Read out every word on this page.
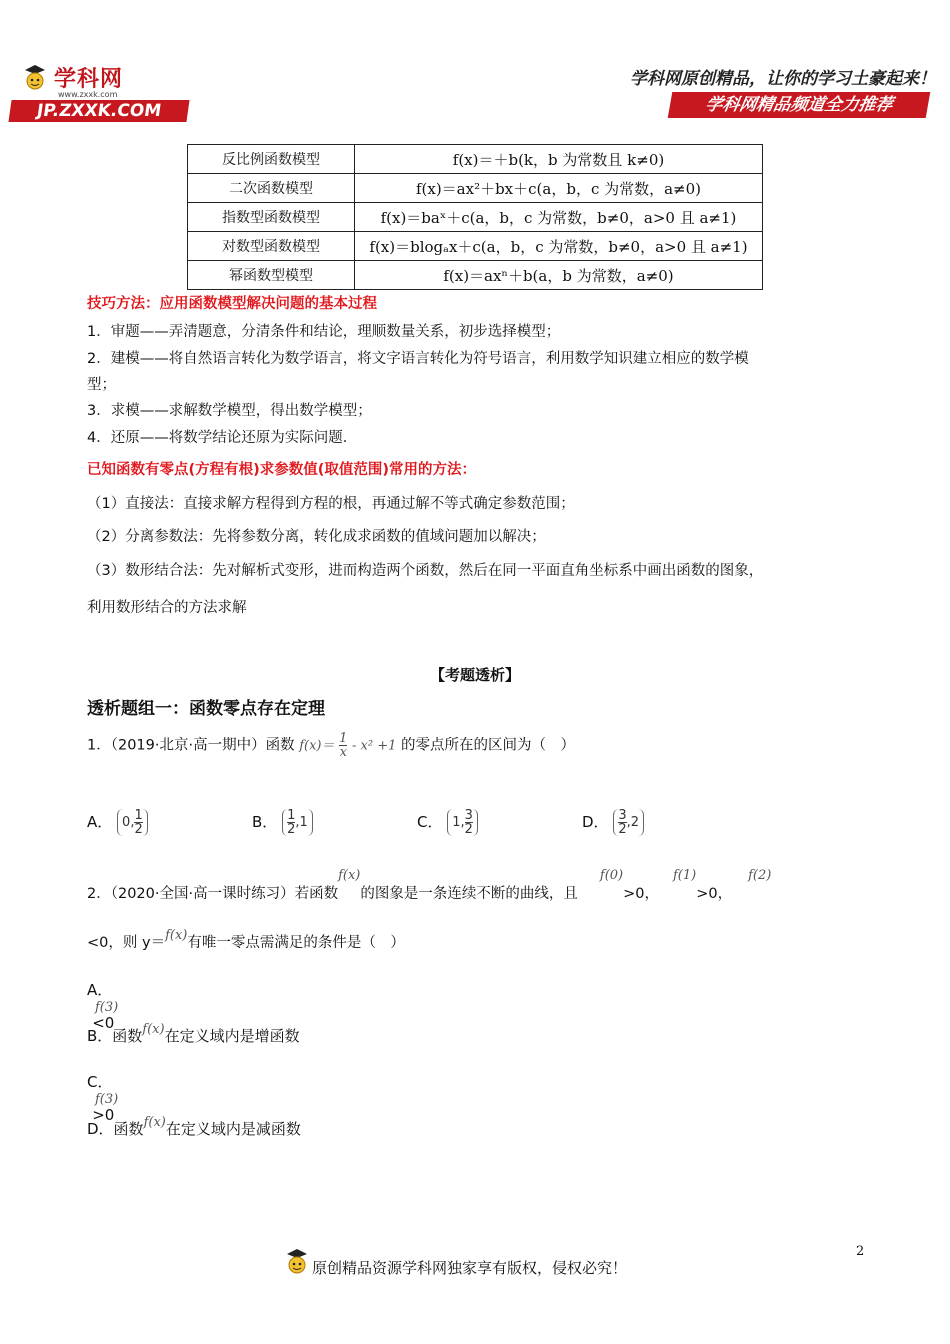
学科网
www.zxxk.com
JP.ZXXK.COM
学科网原创精品，让你的学习土豪起来！
学科网精品频道全力推荐
反比例函数模型	f(x)＝＋b(k，b 为常数且 k≠0)
二次函数模型	f(x)＝ax²＋bx＋c(a，b，c 为常数，a≠0)
指数型函数模型	f(x)＝baˣ＋c(a，b，c 为常数，b≠0，a>0 且 a≠1)
对数型函数模型	f(x)＝blogₐx＋c(a，b，c 为常数，b≠0，a>0 且 a≠1)
幂函数型模型	f(x)＝axⁿ＋b(a，b 为常数，a≠0)
技巧方法：应用函数模型解决问题的基本过程
1．审题——弄清题意，分清条件和结论，理顺数量关系，初步选择模型；
2．建模——将自然语言转化为数学语言，将文字语言转化为符号语言，利用数学知识建立相应的数学模
型；
3．求模——求解数学模型，得出数学模型；
4．还原——将数学结论还原为实际问题．
已知函数有零点(方程有根)求参数值(取值范围)常用的方法：
（1）直接法：直接求解方程得到方程的根，再通过解不等式确定参数范围；
（2）分离参数法：先将参数分离，转化成求函数的值域问题加以解决；
（3）数形结合法：先对解析式变形，进而构造两个函数，然后在同一平面直角坐标系中画出函数的图象，
利用数形结合的方法求解
【考题透析】
透析题组一：函数零点存在定理
1．（2019·北京·高一期中）函数 $f(x)= \frac{1}{x} - x^2 +1$ 的零点所在的区间为（　）
A． 0, $\frac{1}{2}$	B． $\frac{1}{2} ,1$	C． 1, $\frac{3}{2}$	D． $\frac{3}{2} ,2$
2．（2020·全国·高一课时练习）若函数f(x)的图象是一条连续不断的曲线，且f(0)>0，f(1)>0，f(2)
<0，则 y＝f(x)有唯一零点需满足的条件是（　）
A．f(3)<0
B．函数f(x)在定义域内是增函数
C．f(3)>0
D．函数f(x)在定义域内是减函数
2
原创精品资源学科网独家享有版权，侵权必究！
